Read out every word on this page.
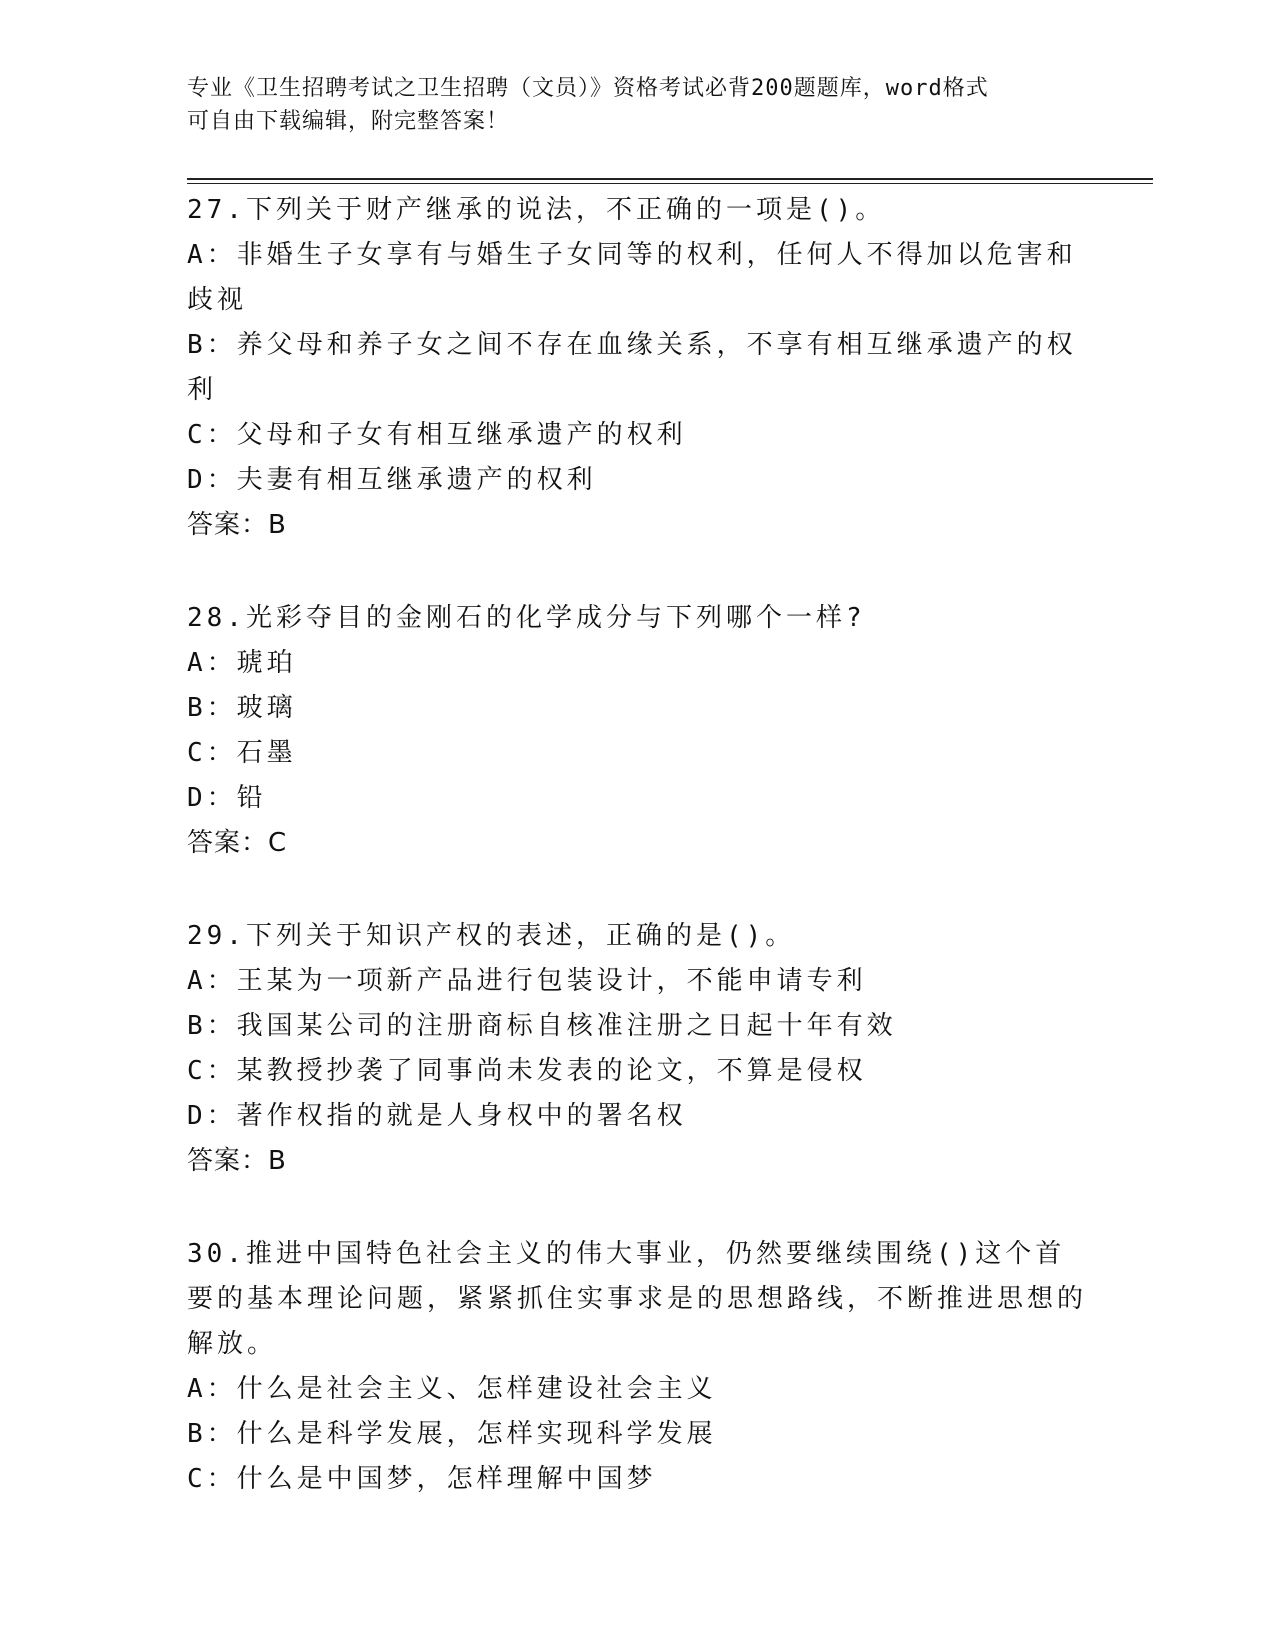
专业《卫生招聘考试之卫生招聘（文员）》资格考试必背200题题库，word格式
可自由下载编辑，附完整答案！
27.下列关于财产继承的说法，不正确的一项是()。
A：非婚生子女享有与婚生子女同等的权利，任何人不得加以危害和歧视
B：养父母和养子女之间不存在血缘关系，不享有相互继承遗产的权利
C：父母和子女有相互继承遗产的权利
D：夫妻有相互继承遗产的权利
答案：B
28.光彩夺目的金刚石的化学成分与下列哪个一样?
A：琥珀
B：玻璃
C：石墨
D：铅
答案：C
29.下列关于知识产权的表述，正确的是()。
A：王某为一项新产品进行包装设计，不能申请专利
B：我国某公司的注册商标自核准注册之日起十年有效
C：某教授抄袭了同事尚未发表的论文，不算是侵权
D：著作权指的就是人身权中的署名权
答案：B
30.推进中国特色社会主义的伟大事业，仍然要继续围绕()这个首要的基本理论问题，紧紧抓住实事求是的思想路线，不断推进思想的解放。
A：什么是社会主义、怎样建设社会主义
B：什么是科学发展，怎样实现科学发展
C：什么是中国梦，怎样理解中国梦
